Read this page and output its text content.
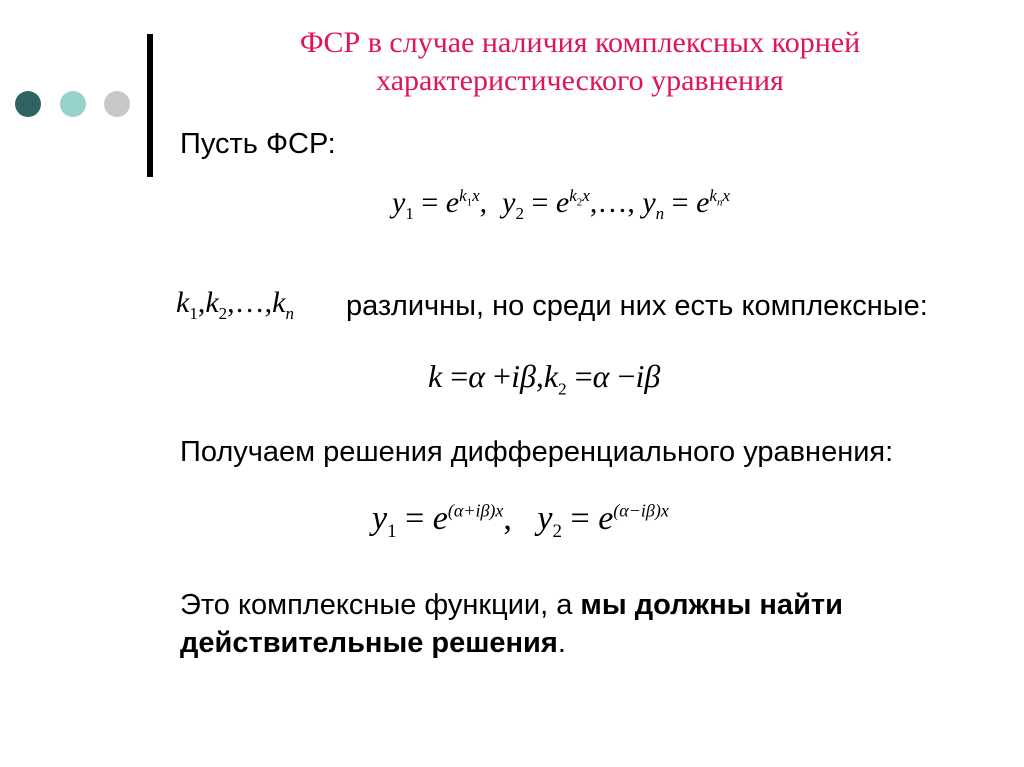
ФСР в случае наличия комплексных корней
характеристического уравнения
Пусть ФСР:
$y_1 = e^{k_1x}$, $y_2$ = $e^{k_2x},\dots$, $y_n = e^{k_nx}$
$k_1,k_2,\dots,k_n$ различны, но среди них есть комплексные:
$k =\alpha +i\beta,k_2 =\alpha -i\beta$
Получаем решения дифференциального уравнения:
$y_1 = e^{(\alpha+i\beta)x}$, $y_2 = e^{(\alpha-i\beta)x}$
Это комплексные функции, а мы должны найти
действительные решения.
